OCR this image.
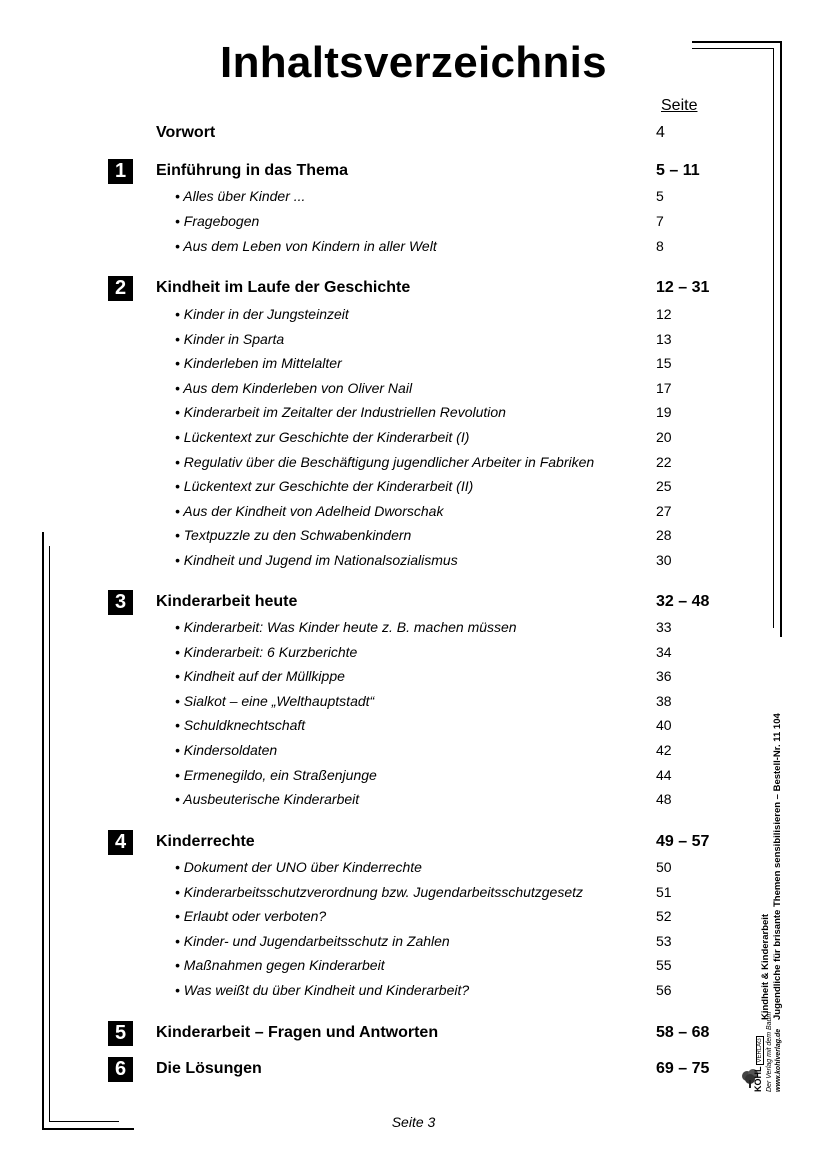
Inhaltsverzeichnis
Seite
Vorwort	4
1	Einführung in das Thema	5 – 11
• Alles über Kinder ...	5
• Fragebogen	7
• Aus dem Leben von Kindern in aller Welt	8
2	Kindheit im Laufe der Geschichte	12 – 31
• Kinder in der Jungsteinzeit	12
• Kinder in Sparta	13
• Kinderleben im Mittelalter	15
• Aus dem Kinderleben von Oliver Nail	17
• Kinderarbeit im Zeitalter der Industriellen Revolution	19
• Lückentext zur Geschichte der Kinderarbeit (I)	20
• Regulativ über die Beschäftigung jugendlicher Arbeiter in Fabriken	22
• Lückentext zur Geschichte der Kinderarbeit (II)	25
• Aus der Kindheit von Adelheid Dworschak	27
• Textpuzzle zu den Schwabenkindern	28
• Kindheit und Jugend im Nationalsozialismus	30
3	Kinderarbeit heute	32 – 48
• Kinderarbeit: Was Kinder heute z. B. machen müssen	33
• Kinderarbeit: 6 Kurzberichte	34
• Kindheit auf der Müllkippe	36
• Sialkot – eine „Welthauptstadt“	38
• Schuldknechtschaft	40
• Kindersoldaten	42
• Ermenegildo, ein Straßenjunge	44
• Ausbeuterische Kinderarbeit	48
4	Kinderrechte	49 – 57
• Dokument der UNO über Kinderrechte	50
• Kinderarbeitsschutzverordnung bzw. Jugendarbeitsschutzgesetz	51
• Erlaubt oder verboten?	52
• Kinder- und Jugendarbeitsschutz in Zahlen	53
• Maßnahmen gegen Kinderarbeit	55
• Was weißt du über Kindheit und Kinderarbeit?	56
5	Kinderarbeit – Fragen und Antworten	58 – 68
6	Die Lösungen	69 – 75
Seite 3
Kindheit & Kinderarbeit Jugendliche für brisante Themen sensibilisieren – Bestell-Nr. 11 104
KOHL VERLAG Der Verlag mit dem Baum www.kohlverlag.de
